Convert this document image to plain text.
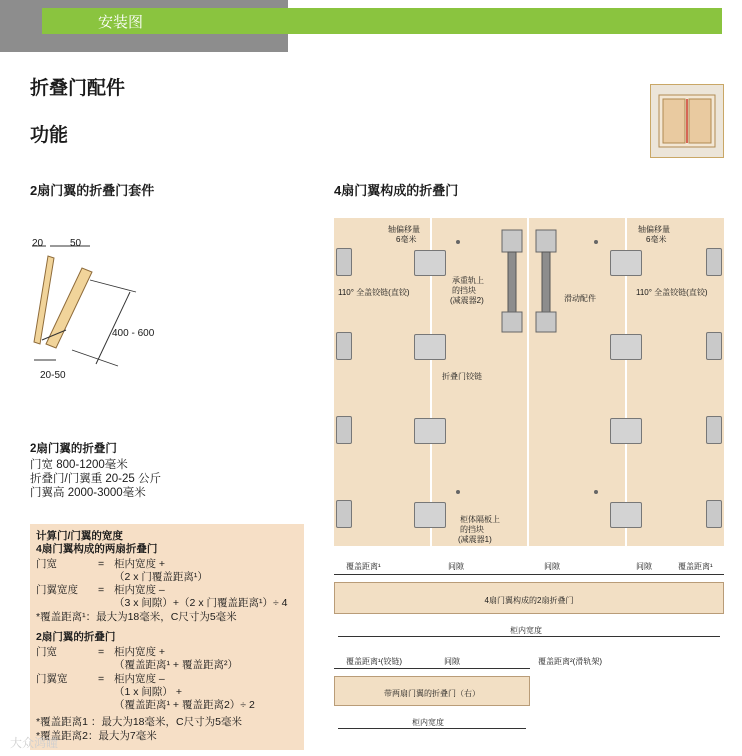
安装图
折叠门配件
功能
2扇门翼的折叠门套件
20	50
400 - 600
20-50
2扇门翼的折叠门
门宽 800-1200毫米
折叠门/门翼重 20-25 公斤
门翼高 2000-3000毫米
计算门/门翼的宽度
4扇门翼构成的两扇折叠门
门宽	= 柜内宽度 +
（2 x 门覆盖距离¹）
门翼宽度 = 柜内宽度 –
（3 x 间隙）+（2 x 门覆盖距离¹）÷ 4
*覆盖距离¹：最大为18毫米，C尺寸为5毫米
2扇门翼的折叠门
门宽	= 柜内宽度 +
（覆盖距离¹ + 覆盖距离²）
门翼宽	= 柜内宽度 –
（1 x 间隙） +
（覆盖距离¹ + 覆盖距离2）÷ 2
*覆盖距离1 ：最大为18毫米，C尺寸为5毫米
*覆盖距离2：最大为7毫米
4扇门翼构成的折叠门
轴偏移量
6毫米
轴偏移量
6毫米
110° 全盖铰链(直铰)	110° 全盖铰链(直铰)
承重轨上
的挡块
(减震器2)	滑动配件
折叠门铰链
柜体隔板上
的挡块
(减震器1)
覆盖距离¹	间隙	间隙	间隙	覆盖距离¹
4扇门翼构成的2扇折叠门
柜内宽度
覆盖距离¹(铰链)	间隙	覆盖距离²(滑轨架)
带两扇门翼的折叠门（右）
柜内宽度
大众鸿瞳
